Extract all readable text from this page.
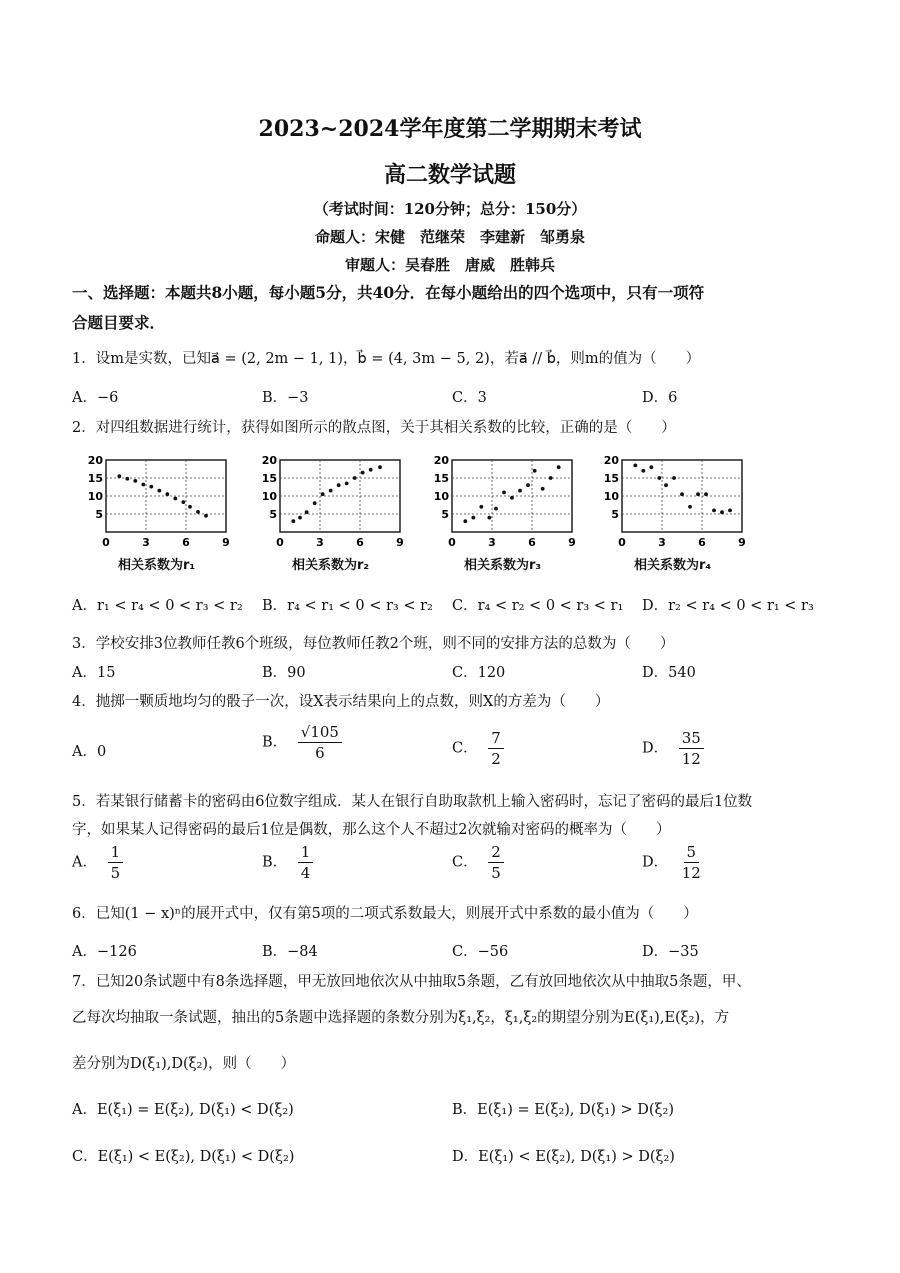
2023~2024学年度第二学期期末考试
高二数学试题
（考试时间：120分钟；总分：150分）
命题人：宋健　范继荣　李建新　邹勇泉
审题人：吴春胜　唐威　胜韩兵
一、选择题：本题共8小题，每小题5分，共40分．在每小题给出的四个选项中，只有一项符
合题目要求．
1．设m是实数，已知a⃗ = (2, 2m − 1, 1)，b⃗ = (4, 3m − 5, 2)，若a⃗ // b⃗，则m的值为（　　）
A．−6	B．−3	C．3	D．6
2．对四组数据进行统计，获得如图所示的散点图，关于其相关系数的比较，正确的是（　　）
0	3	6	9
5
10
15
20
0	3	6	9
5
10
15
20
0	3	6	9
5
10
15
20
0	3	6	9
5
10
15
20
相关系数为r₁	相关系数为r₂	相关系数为r₃	相关系数为r₄
A．r₁ < r₄ < 0 < r₃ < r₂ B．r₄ < r₁ < 0 < r₃ < r₂ C．r₄ < r₂ < 0 < r₃ < r₁ D．r₂ < r₄ < 0 < r₁ < r₃
3．学校安排3位教师任教6个班级，每位教师任教2个班，则不同的安排方法的总数为（　　）
A．15	B．90	C．120	D．540
4．抛掷一颗质地均匀的骰子一次，设X表示结果向上的点数，则X的方差为（　　）
A．0
B． $\frac{√105}{6}$	C． $\frac{7}{2}$	D． $\frac{35}{12}$
5．若某银行储蓄卡的密码由6位数字组成．某人在银行自助取款机上输入密码时，忘记了密码的最后1位数
字，如果某人记得密码的最后1位是偶数，那么这个人不超过2次就输对密码的概率为（　　）
A． $\frac{1}{5}$	B． $\frac{1}{4}$	C． $\frac{2}{5}$	D． $\frac{5}{12}$
6．已知(1 − x)ⁿ的展开式中，仅有第5项的二项式系数最大，则展开式中系数的最小值为（　　）
A．−126	B．−84	C．−56	D．−35
7．已知20条试题中有8条选择题，甲无放回地依次从中抽取5条题，乙有放回地依次从中抽取5条题，甲、
乙每次均抽取一条试题，抽出的5条题中选择题的条数分别为ξ₁,ξ₂，ξ₁,ξ₂的期望分别为E(ξ₁),E(ξ₂)，方
差分别为D(ξ₁),D(ξ₂)，则（　　）
A．E(ξ₁) = E(ξ₂), D(ξ₁) < D(ξ₂)	B．E(ξ₁) = E(ξ₂), D(ξ₁) > D(ξ₂)
C．E(ξ₁) < E(ξ₂), D(ξ₁) < D(ξ₂)	D．E(ξ₁) < E(ξ₂), D(ξ₁) > D(ξ₂)
